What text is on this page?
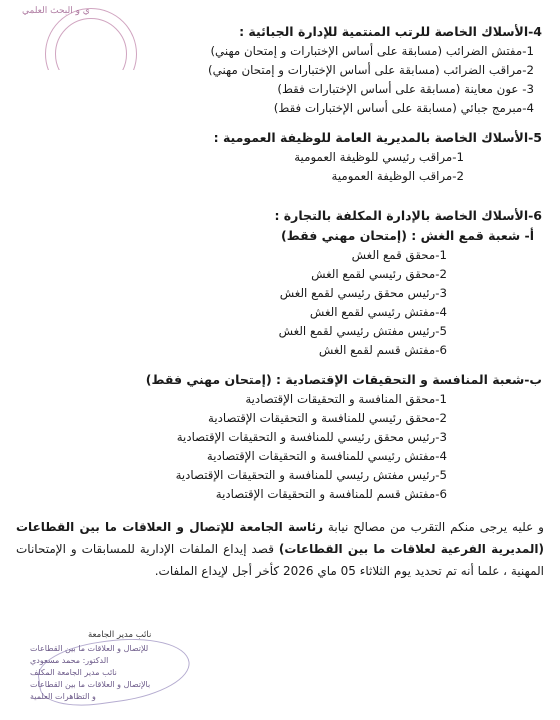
ي و البحث العلمي
4-الأسلاك الخاصة للرتب المنتمية للإدارة الجبائية :
1-مفتش الضرائب (مسابقة على أساس الإختبارات و إمتحان مهني)
2-مراقب الضرائب (مسابقة على أساس الإختبارات و إمتحان مهني)
3- عون معاينة (مسابقة على أساس الإختبارات فقط)
4-مبرمج جبائي (مسابقة على أساس الإختبارات فقط)
5-الأسلاك الخاصة بالمديرية العامة للوظيفة العمومية :
1-مراقب رئيسي للوظيفة العمومية
2-مراقب الوظيفة العمومية
6-الأسلاك الخاصة بالإدارة المكلفة بالتجارة :
أ- شعبة قمع الغش : (إمتحان مهني فقط)
1-محقق قمع الغش
2-محقق رئيسي لقمع الغش
3-رئيس محقق رئيسي لقمع الغش
4-مفتش رئيسي لقمع الغش
5-رئيس مفتش رئيسي لقمع الغش
6-مفتش قسم لقمع الغش
ب-شعبة المنافسة و التحقيقات الإقتصادية : (إمتحان مهني فقط)
1-محقق المنافسة و التحقيقات الإقتصادية
2-محقق رئيسي للمنافسة و التحقيقات الإقتصادية
3-رئيس محقق رئيسي للمنافسة و التحقيقات الإقتصادية
4-مفتش رئيسي للمنافسة و التحقيقات الإقتصادية
5-رئيس مفتش رئيسي للمنافسة و التحقيقات الإقتصادية
6-مفتش قسم للمنافسة و التحقيقات الإقتصادية
و عليه يرجى منكم التقرب من مصالح نيابة رئاسة الجامعة للإتصال و العلاقات ما بين القطاعات (المديرية الفرعية لعلاقات ما بين القطاعات) قصد إيداع الملفات الإدارية للمسابقات و الإمتحانات المهنية ، علما أنه تم تحديد يوم الثلاثاء 05 ماي 2026 كأخر أجل لإيداع الملفات.
نائب مدير الجامعة
للإتصال و العلاقات ما بين القطاعات
الدكتور: محمد مسعودي
نائب مدير الجامعة المكلف
بالإتصال و العلاقات ما بين القطاعات
و التظاهرات العلمية
